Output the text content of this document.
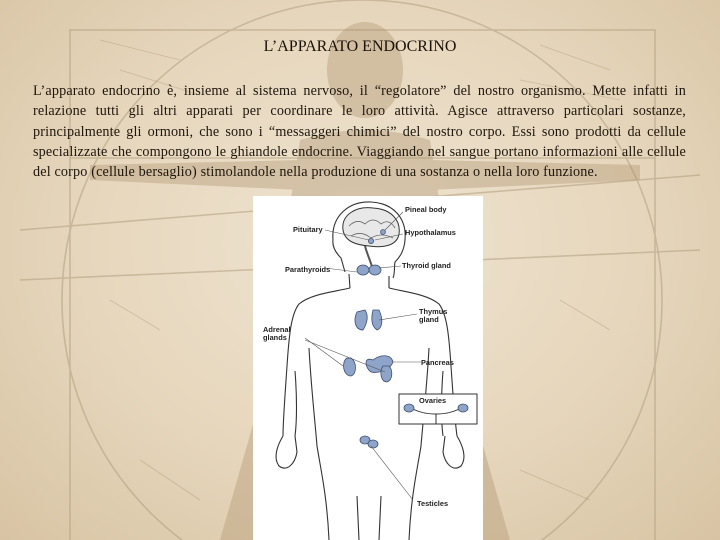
L’APPARATO ENDOCRINO
L’apparato endocrino è, insieme al sistema nervoso, il “regolatore” del nostro organismo. Mette infatti in relazione tutti gli altri apparati per coordinare le loro attività. Agisce attraverso particolari sostanze, principalmente gli ormoni, che sono i “messaggeri chimici” del nostro corpo. Essi sono prodotti da cellule specializzate che compongono le ghiandole endocrine. Viaggiando nel sangue portano informazioni alle cellule del corpo (cellule bersaglio) stimolandole nella produzione di una sostanza o nella loro funzione.
Pineal body
Pituitary	Hypothalamus
Thyroid gland
Parathyroids
Thymus
gland
Adrenal
glands
Pancreas
Ovaries
Testicles
